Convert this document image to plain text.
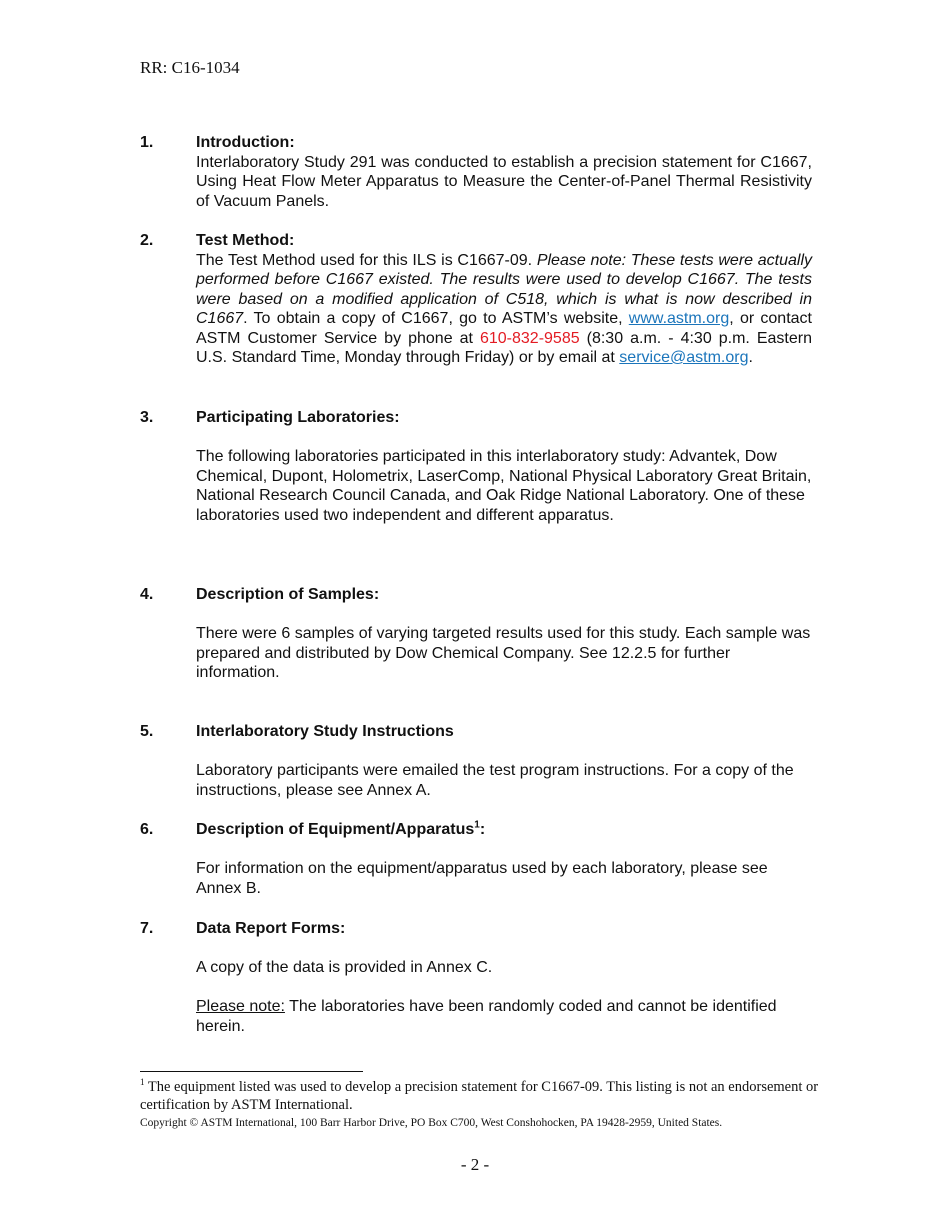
RR: C16-1034
1.	Introduction:
Interlaboratory Study 291 was conducted to establish a precision statement for C1667, Using Heat Flow Meter Apparatus to Measure the Center-of-Panel Thermal Resistivity of Vacuum Panels.
2.	Test Method:
The Test Method used for this ILS is C1667-09. Please note: These tests were actually performed before C1667 existed. The results were used to develop C1667. The tests were based on a modified application of C518, which is what is now described in C1667. To obtain a copy of C1667, go to ASTM’s website, www.astm.org, or contact ASTM Customer Service by phone at 610-832-9585 (8:30 a.m. - 4:30 p.m. Eastern U.S. Standard Time, Monday through Friday) or by email at service@astm.org.
3.	Participating Laboratories:
The following laboratories participated in this interlaboratory study: Advantek, Dow Chemical, Dupont, Holometrix, LaserComp, National Physical Laboratory Great Britain, National Research Council Canada, and Oak Ridge National Laboratory. One of these laboratories used two independent and different apparatus.
4.	Description of Samples:
There were 6 samples of varying targeted results used for this study. Each sample was prepared and distributed by Dow Chemical Company. See 12.2.5 for further information.
5.	Interlaboratory Study Instructions
Laboratory participants were emailed the test program instructions. For a copy of the instructions, please see Annex A.
6.	Description of Equipment/Apparatus$^1$:
For information on the equipment/apparatus used by each laboratory, please see Annex B.
7.	Data Report Forms:
A copy of the data is provided in Annex C.
Please note: The laboratories have been randomly coded and cannot be identified herein.
$^1$ The equipment listed was used to develop a precision statement for C1667-09. This listing is not an endorsement or certification by ASTM International.
Copyright © ASTM International, 100 Barr Harbor Drive, PO Box C700, West Conshohocken, PA 19428-2959, United States.
- 2 -
